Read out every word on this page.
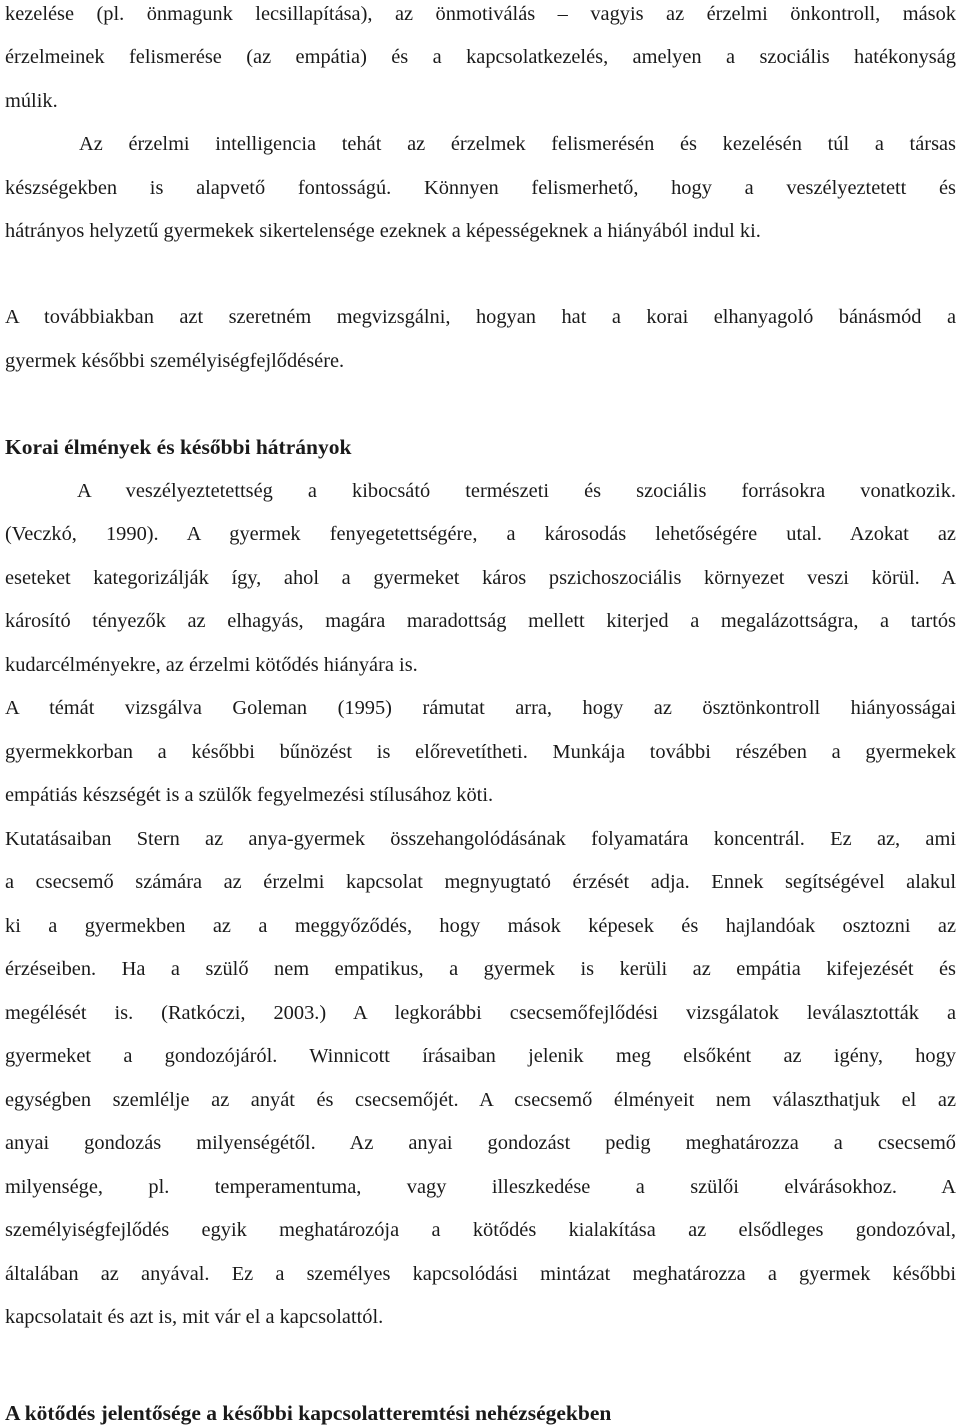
kezelése (pl. önmagunk lecsillapítása), az önmotiválás – vagyis az érzelmi önkontroll, mások
érzelmeinek felismerése (az empátia) és a kapcsolatkezelés, amelyen a szociális hatékonyság
múlik.
Az érzelmi intelligencia tehát az érzelmek felismerésén és kezelésén túl a társas
készségekben is alapvető fontosságú. Könnyen felismerhető, hogy a veszélyeztetett és
hátrányos helyzetű gyermekek sikertelensége ezeknek a képességeknek a hiányából indul ki.
A továbbiakban azt szeretném megvizsgálni, hogyan hat a korai elhanyagoló bánásmód a
gyermek későbbi személyiségfejlődésére.
Korai élmények és későbbi hátrányok
A veszélyeztetettség a kibocsátó természeti és szociális forrásokra vonatkozik.
(Veczkó, 1990). A gyermek fenyegetettségére, a károsodás lehetőségére utal. Azokat az
eseteket kategorizálják így, ahol a gyermeket káros pszichoszociális környezet veszi körül. A
károsító tényezők az elhagyás, magára maradottság mellett kiterjed a megalázottságra, a tartós
kudarcélményekre, az érzelmi kötődés hiányára is.
A témát vizsgálva Goleman (1995) rámutat arra, hogy az ösztönkontroll hiányosságai
gyermekkorban a későbbi bűnözést is előrevetítheti. Munkája további részében a gyermekek
empátiás készségét is a szülők fegyelmezési stílusához köti.
Kutatásaiban Stern az anya-gyermek összehangolódásának folyamatára koncentrál. Ez az, ami
a csecsemő számára az érzelmi kapcsolat megnyugtató érzését adja. Ennek segítségével alakul
ki a gyermekben az a meggyőződés, hogy mások képesek és hajlandóak osztozni az
érzéseiben. Ha a szülő nem empatikus, a gyermek is kerüli az empátia kifejezését és
megélését is. (Ratkóczi, 2003.) A legkorábbi csecsemőfejlődési vizsgálatok leválasztották a
gyermeket a gondozójáról. Winnicott írásaiban jelenik meg elsőként az igény, hogy
egységben szemlélje az anyát és csecsemőjét. A csecsemő élményeit nem választhatjuk el az
anyai gondozás milyenségétől. Az anyai gondozást pedig meghatározza a csecsemő
milyensége, pl. temperamentuma, vagy illeszkedése a szülői elvárásokhoz. A
személyiségfejlődés egyik meghatározója a kötődés kialakítása az elsődleges gondozóval,
általában az anyával. Ez a személyes kapcsolódási mintázat meghatározza a gyermek későbbi
kapcsolatait és azt is, mit vár el a kapcsolattól.
A kötődés jelentősége a későbbi kapcsolatteremtési nehézségekben
